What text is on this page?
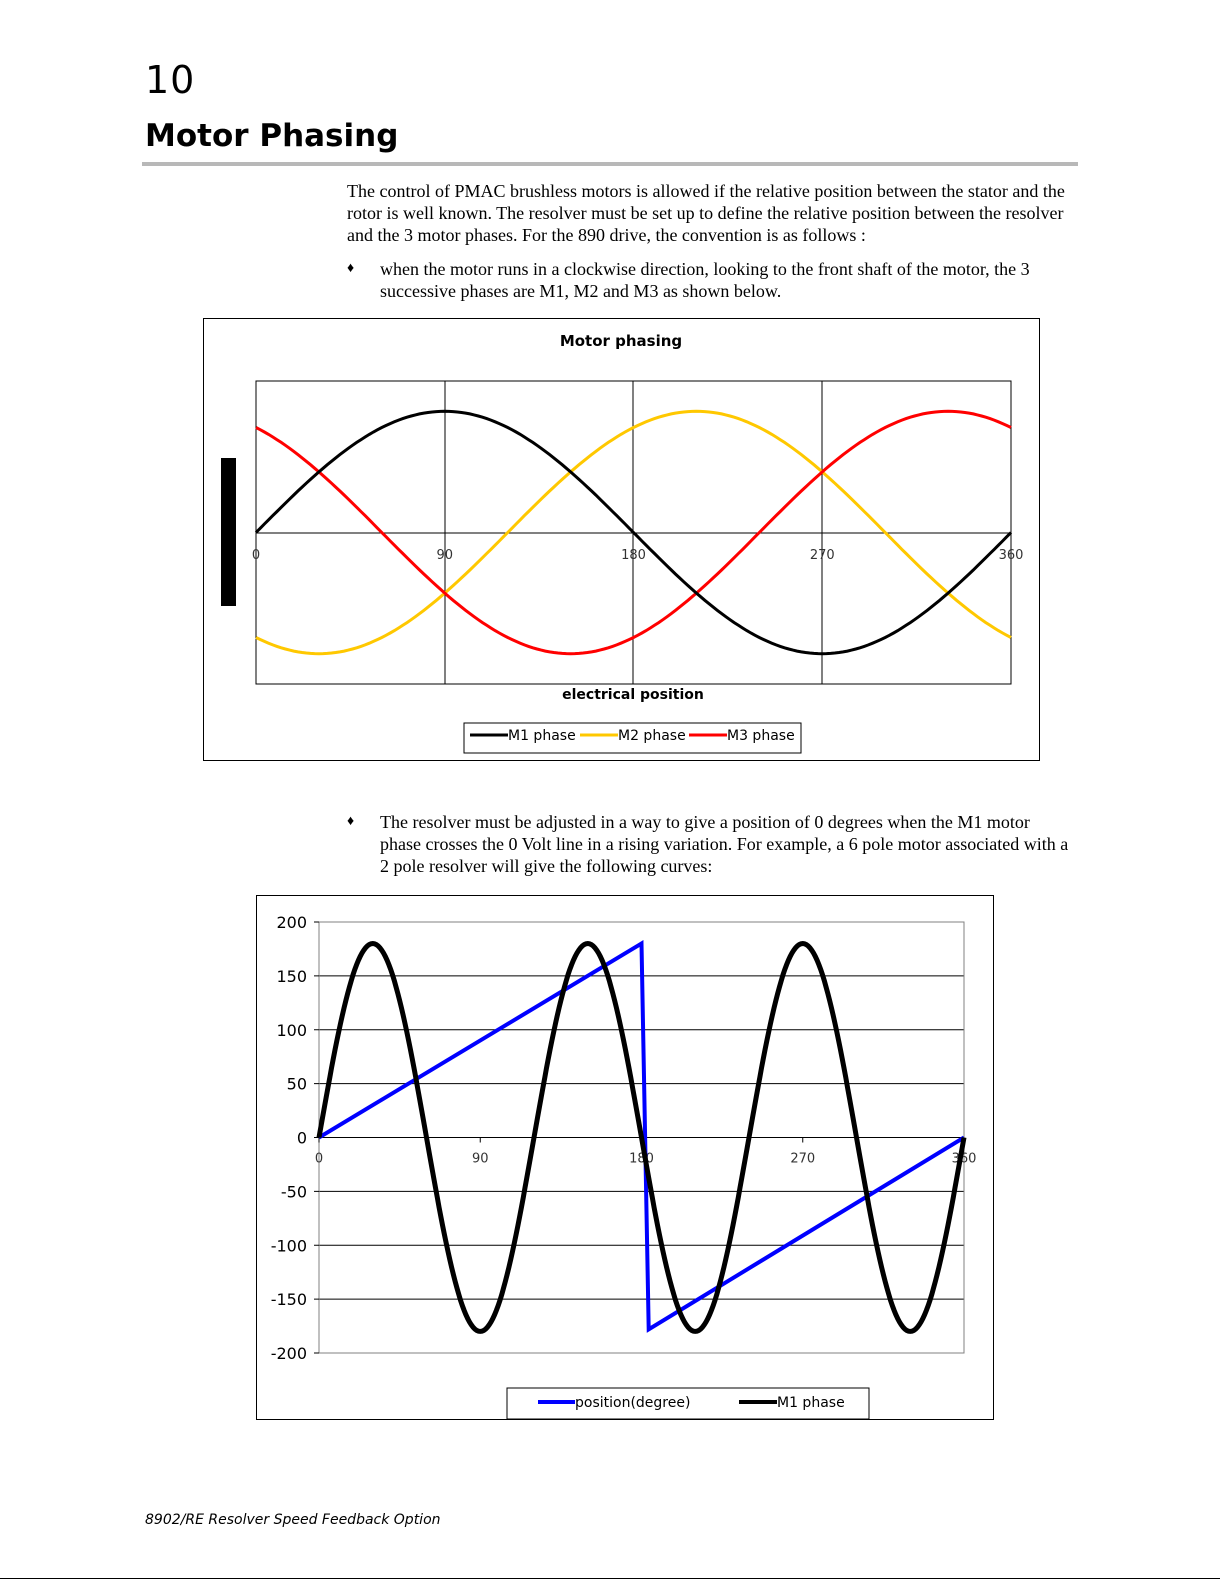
10
Motor Phasing
The control of PMAC brushless motors is allowed if the relative position between the stator and the rotor is well known. The resolver must be set up to define the relative position between the resolver and the 3 motor phases. For the 890 drive, the convention is as follows :
♦ when the motor runs in a clockwise direction, looking to the front shaft of the motor, the 3 successive phases are M1, M2 and M3 as shown below.
Motor phasing
0	90	180	270	360
electrical position
M1 phase	M2 phase	M3 phase
♦ The resolver must be adjusted in a way to give a position of 0 degrees when the M1 motor phase crosses the 0 Volt line in a rising variation. For example, a 6 pole motor associated with a 2 pole resolver will give the following curves:
200
150
100
50
0
-50
-100
-150
-200
0	90	180	270	360
position(degree)	M1 phase
8902/RE Resolver Speed Feedback Option
